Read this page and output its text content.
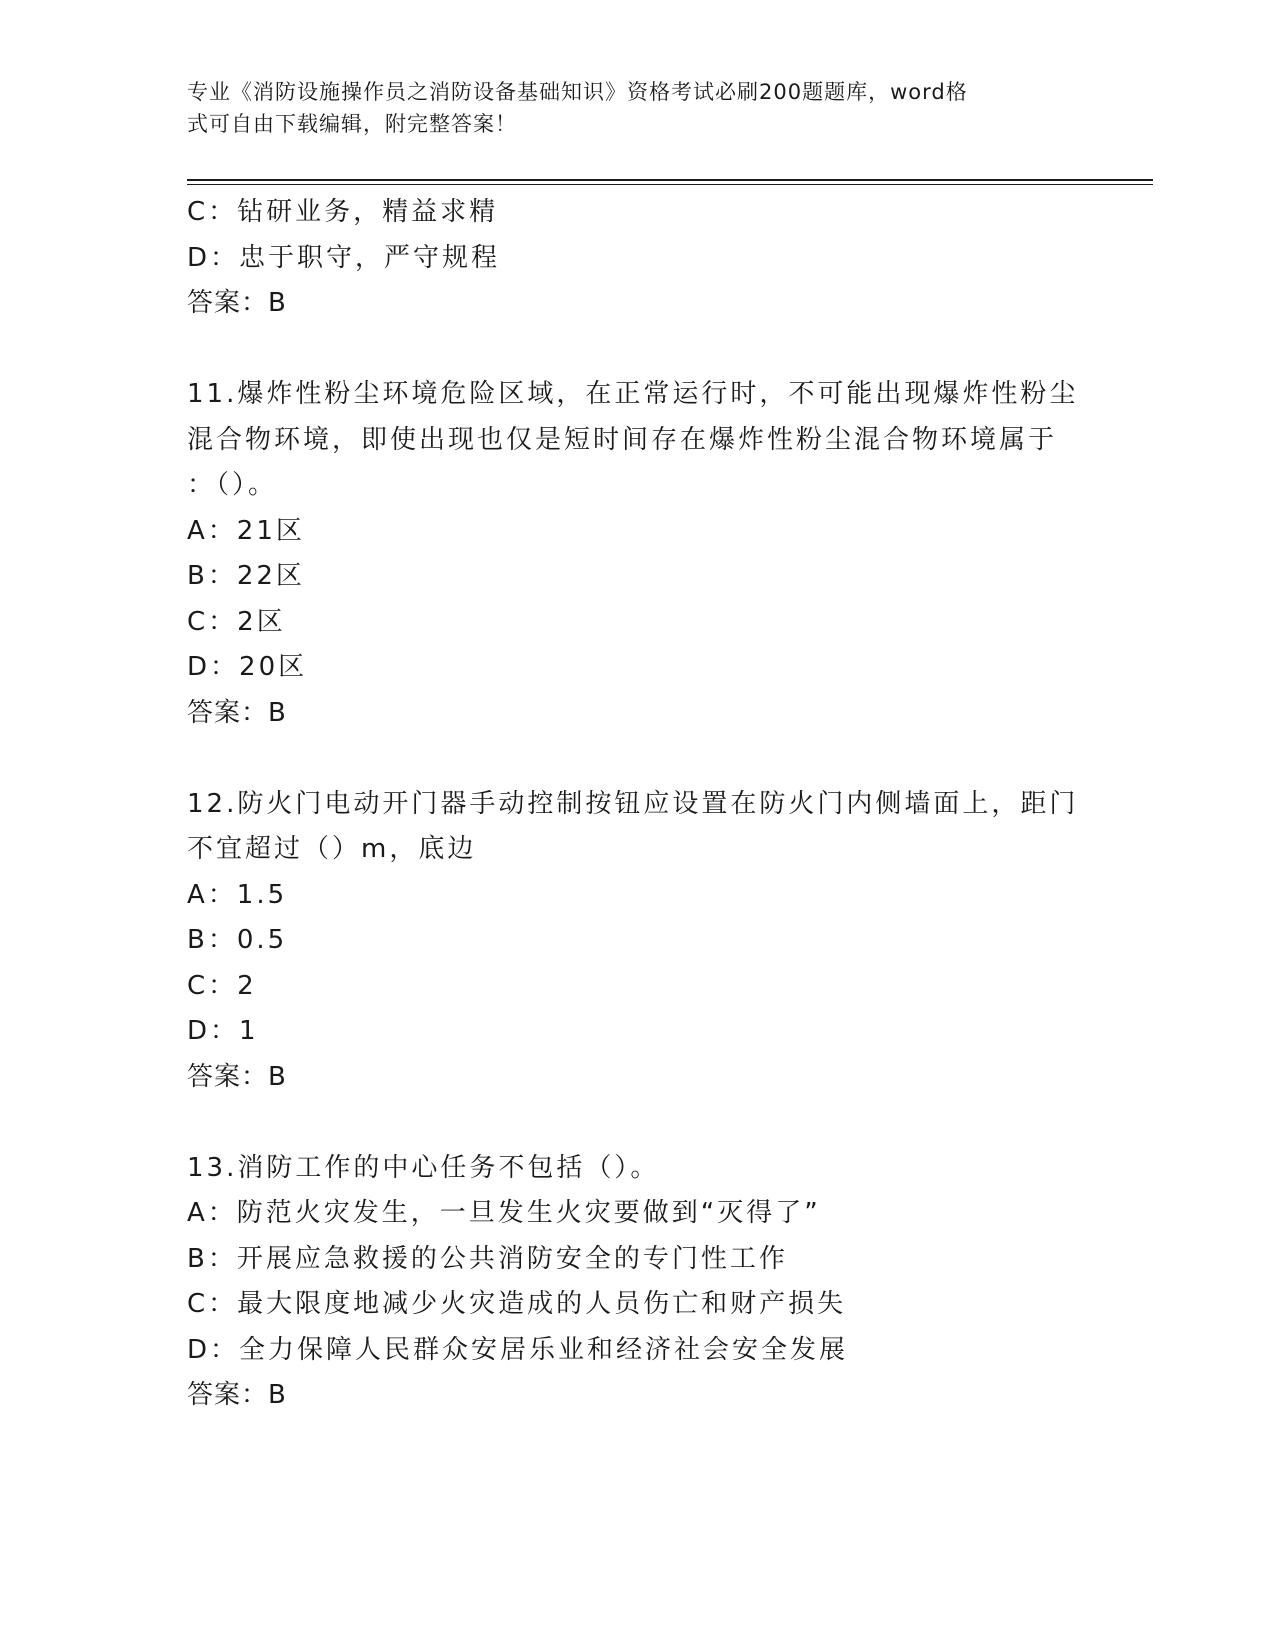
专业《消防设施操作员之消防设备基础知识》资格考试必刷200题题库，word格
式可自由下载编辑，附完整答案！
C：钻研业务，精益求精
D：忠于职守，严守规程
答案：B
11.爆炸性粉尘环境危险区域，在正常运行时，不可能出现爆炸性粉尘
混合物环境，即使出现也仅是短时间存在爆炸性粉尘混合物环境属于
：（）。
A：21区
B：22区
C：2区
D：20区
答案：B
12.防火门电动开门器手动控制按钮应设置在防火门内侧墙面上，距门
不宜超过（）m，底边
A：1.5
B：0.5
C：2
D：1
答案：B
13.消防工作的中心任务不包括（）。
A：防范火灾发生，一旦发生火灾要做到“灭得了”
B：开展应急救援的公共消防安全的专门性工作
C：最大限度地减少火灾造成的人员伤亡和财产损失
D：全力保障人民群众安居乐业和经济社会安全发展
答案：B
